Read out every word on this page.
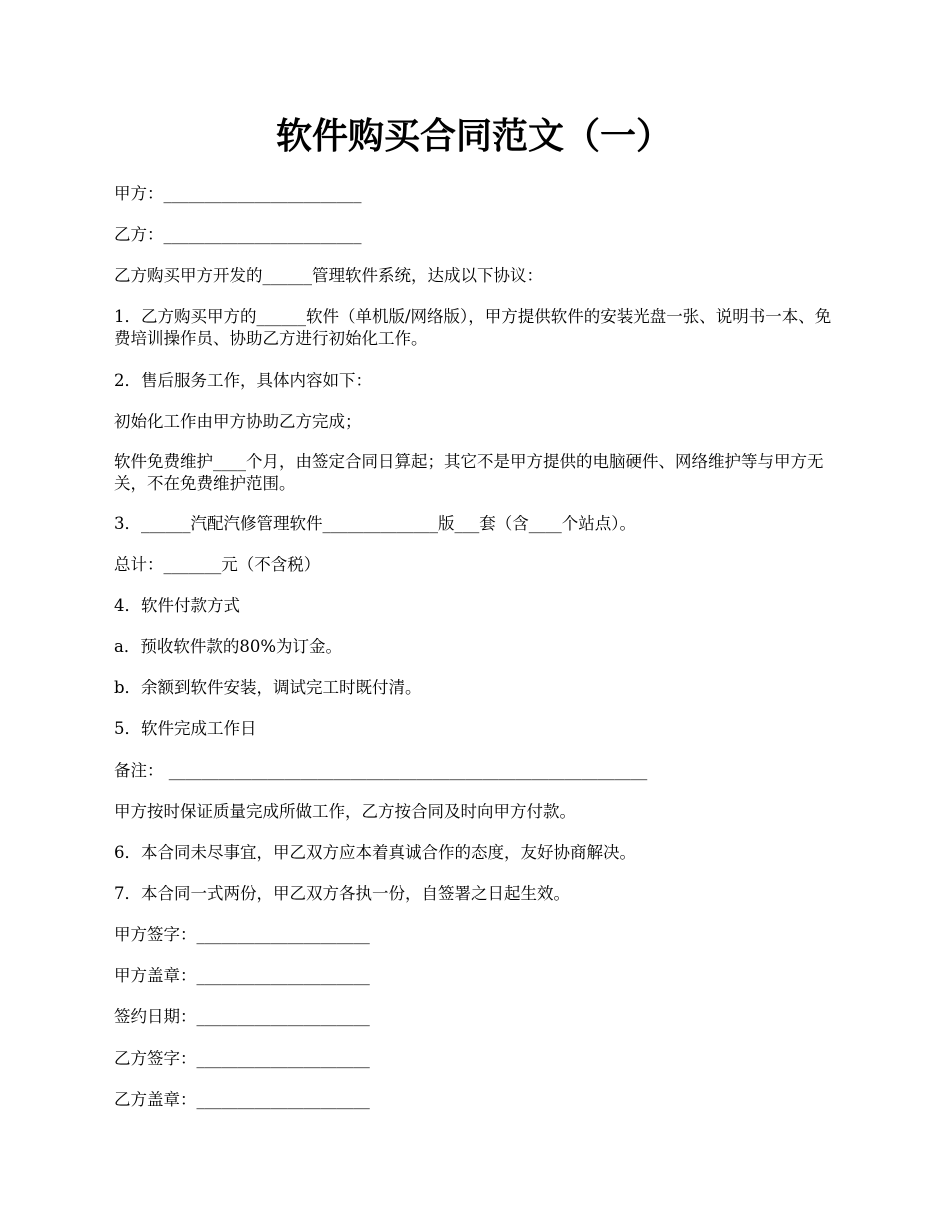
软件购买合同范文（一）
甲方：________________________
乙方：________________________
乙方购买甲方开发的______管理软件系统，达成以下协议：
1．乙方购买甲方的______软件（单机版/网络版），甲方提供软件的安装光盘一张、说明书一本、免费培训操作员、协助乙方进行初始化工作。
2．售后服务工作，具体内容如下：
初始化工作由甲方协助乙方完成；
软件免费维护____个月，由签定合同日算起；其它不是甲方提供的电脑硬件、网络维护等与甲方无关，不在免费维护范围。
3．______汽配汽修管理软件______________版___套（含____个站点）。
总计：_______元（不含税）
4．软件付款方式
a．预收软件款的80%为订金。
b．余额到软件安装，调试完工时既付清。
5．软件完成工作日
备注： __________________________________________________________
甲方按时保证质量完成所做工作，乙方按合同及时向甲方付款。
6．本合同未尽事宜，甲乙双方应本着真诚合作的态度，友好协商解决。
7．本合同一式两份，甲乙双方各执一份，自签署之日起生效。
甲方签字：_____________________
甲方盖章：_____________________
签约日期：_____________________
乙方签字：_____________________
乙方盖章：_____________________
